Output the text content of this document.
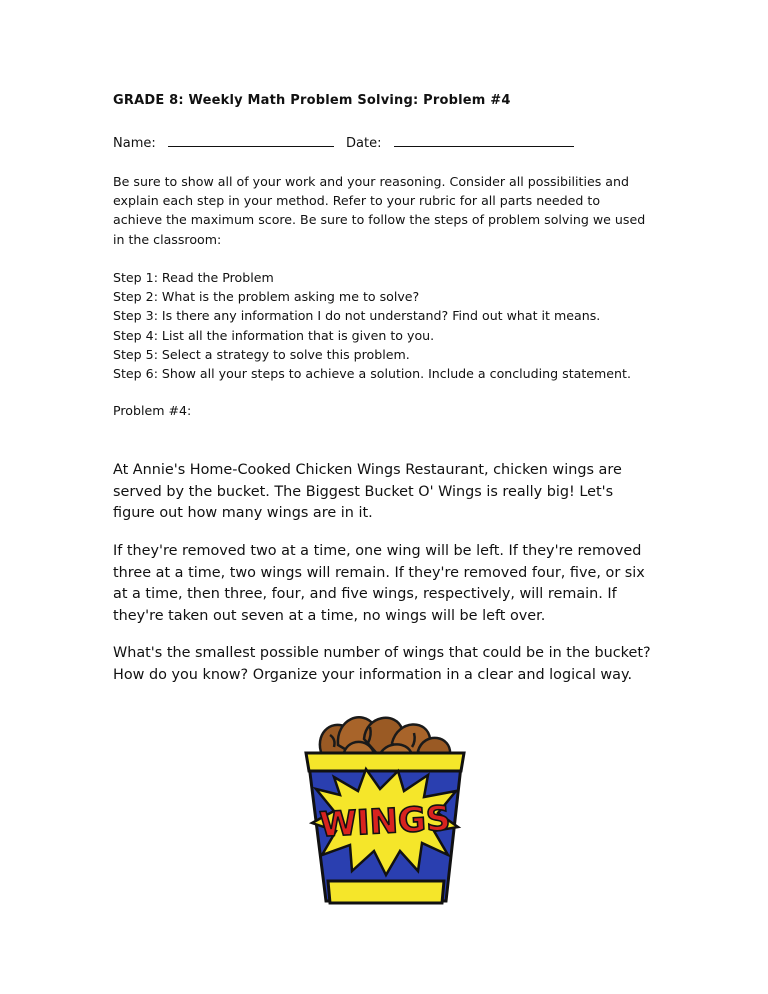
GRADE 8: Weekly Math Problem Solving: Problem #4
Name:	Date:
Be sure to show all of your work and your reasoning. Consider all possibilities and explain each step in your method. Refer to your rubric for all parts needed to achieve the maximum score. Be sure to follow the steps of problem solving we used in the classroom:
Step 1: Read the Problem
Step 2: What is the problem asking me to solve?
Step 3: Is there any information I do not understand? Find out what it means.
Step 4: List all the information that is given to you.
Step 5: Select a strategy to solve this problem.
Step 6: Show all your steps to achieve a solution. Include a concluding statement.
Problem #4:
At Annie's Home-Cooked Chicken Wings Restaurant, chicken wings are served by the bucket. The Biggest Bucket O' Wings is really big! Let's figure out how many wings are in it.
If they're removed two at a time, one wing will be left. If they're removed three at a time, two wings will remain. If they're removed four, five, or six at a time, then three, four, and five wings, respectively, will remain. If they're taken out seven at a time, no wings will be left over.
What's the smallest possible number of wings that could be in the bucket? How do you know? Organize your information in a clear and logical way.
WINGS
